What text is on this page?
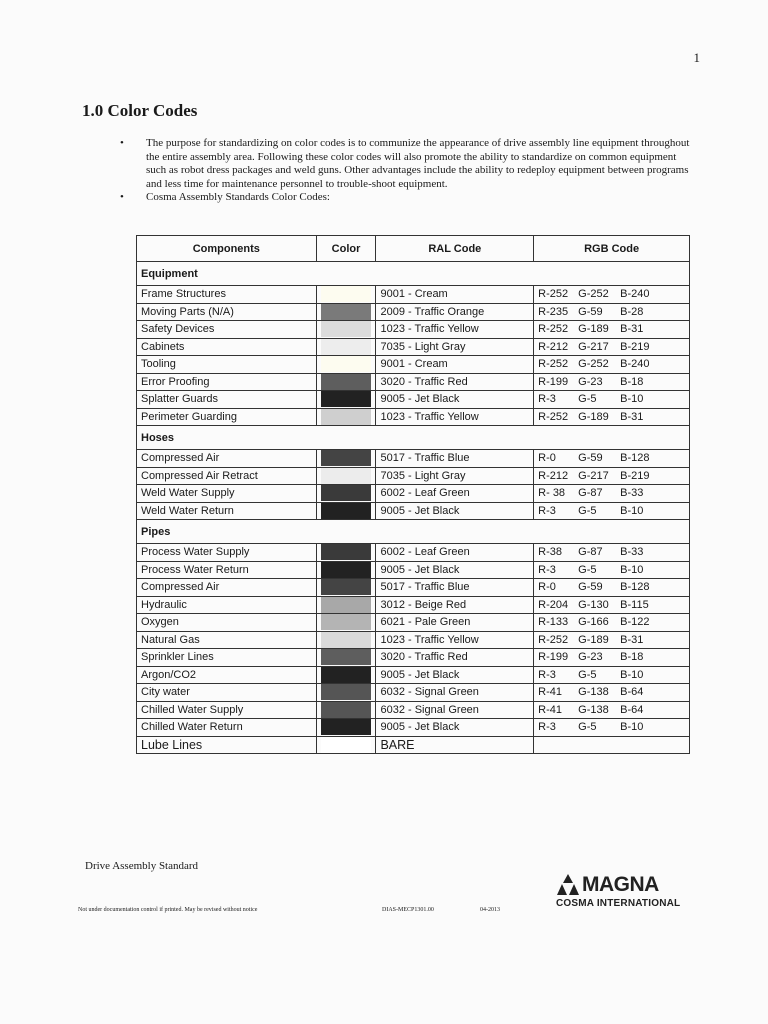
1
1.0 Color Codes
• The purpose for standardizing on color codes is to communize the appearance of drive assembly line equipment throughout the entire assembly area. Following these color codes will also promote the ability to standardize on common equipment such as robot dress packages and weld guns. Other advantages include the ability to redeploy equipment between programs and less time for maintenance personnel to trouble-shoot equipment.
• Cosma Assembly Standards Color Codes:
Components	Color	RAL Code	RGB Code
Equipment			
Frame Structures		9001 - Cream	R-252 G-252 B-240

Moving Parts (N/A)		2009 - Traffic Orange	R-235 G-59 B-28

Safety Devices		1023 - Traffic Yellow	R-252 G-189 B-31

Cabinets		7035 - Light Gray	R-212 G-217 B-219

Tooling		9001 - Cream	R-252 G-252 B-240

Error Proofing		3020 - Traffic Red	R-199 G-23 B-18

Splatter Guards		9005 - Jet Black	R-3 G-5 B-10

Perimeter Guarding		1023 - Traffic Yellow	R-252 G-189 B-31

Hoses			
Compressed Air		5017 - Traffic Blue	R-0 G-59 B-128

Compressed Air Retract		7035 - Light Gray	R-212 G-217 B-219

Weld Water Supply		6002 - Leaf Green	R- 38 G-87 B-33

Weld Water Return		9005 - Jet Black	R-3 G-5 B-10

Pipes			
Process Water Supply		6002 - Leaf Green	R-38 G-87 B-33

Process Water Return		9005 - Jet Black	R-3 G-5 B-10

Compressed Air		5017 - Traffic Blue	R-0 G-59 B-128

Hydraulic		3012 - Beige Red	R-204 G-130 B-115

Oxygen		6021 - Pale Green	R-133 G-166 B-122

Natural Gas		1023 - Traffic Yellow	R-252 G-189 B-31

Sprinkler Lines		3020 - Traffic Red	R-199 G-23 B-18

Argon/CO2		9005 - Jet Black	R-3 G-5 B-10

City water		6032 - Signal Green	R-41 G-138 B-64

Chilled Water Supply		6032 - Signal Green	R-41 G-138 B-64

Chilled Water Return		9005 - Jet Black	R-3 G-5 B-10

Lube Lines		BARE	
Drive Assembly Standard
Not under documentation control if printed. May be revised without notice	DIAS-MECP1301.00	04-2013
MAGNA
COSMA INTERNATIONAL
